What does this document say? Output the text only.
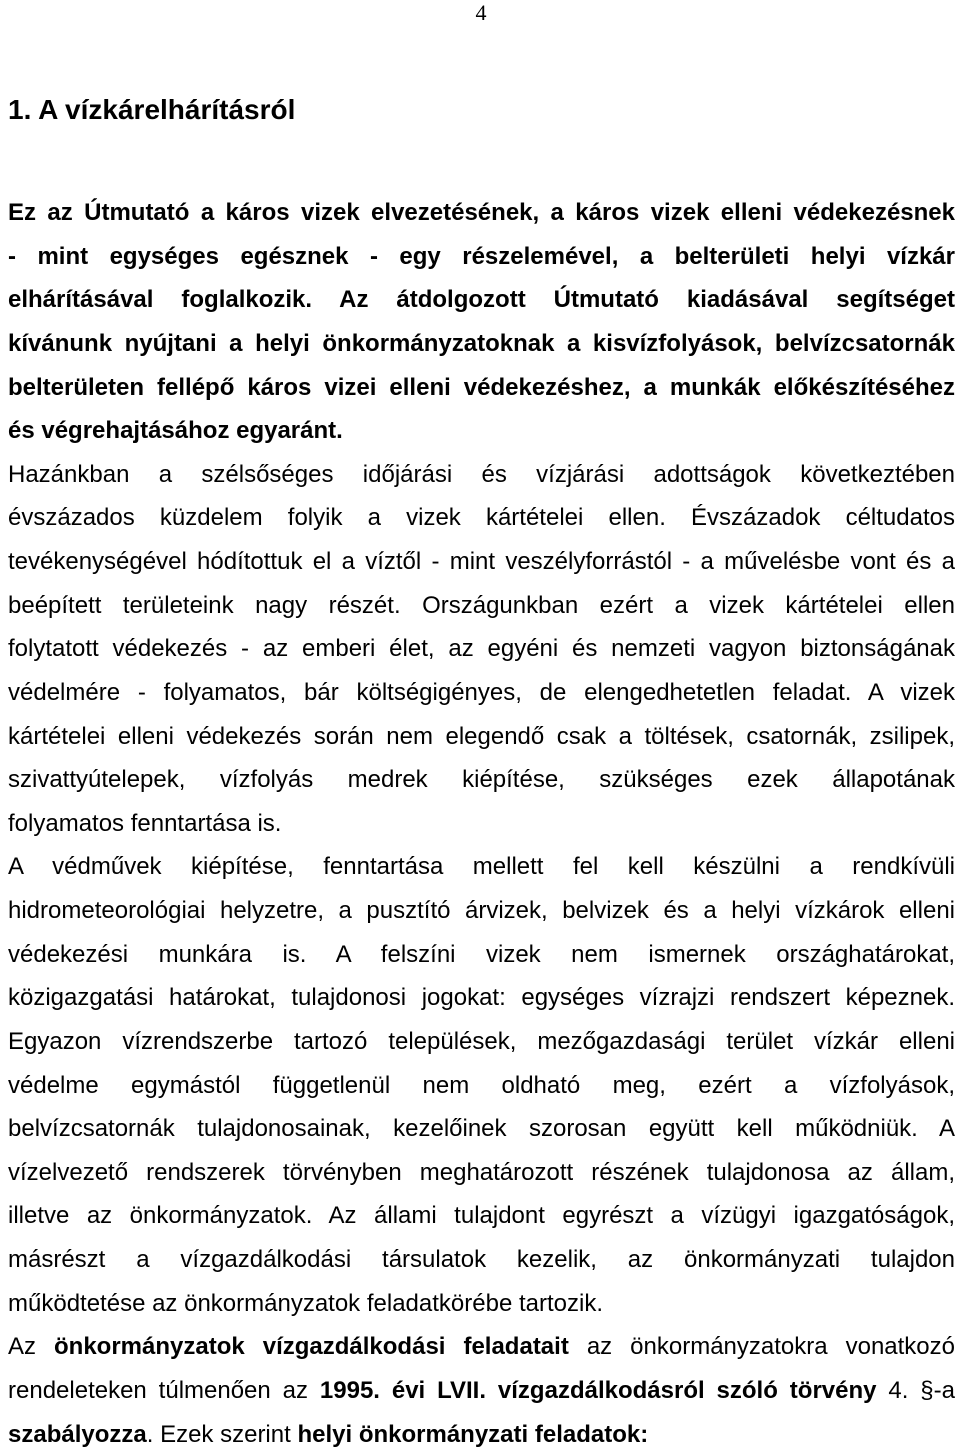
4
1. A vízkárelhárításról
Ez az Útmutató a káros vizek elvezetésének, a káros vizek elleni védekezésnek
- mint egységes egésznek - egy részelemével, a belterületi helyi vízkár
elhárításával foglalkozik. Az átdolgozott Útmutató kiadásával segítséget
kívánunk nyújtani a helyi önkormányzatoknak a kisvízfolyások, belvízcsatornák
belterületen fellépő káros vizei elleni védekezéshez, a munkák előkészítéséhez
és végrehajtásához egyaránt.
Hazánkban a szélsőséges időjárási és vízjárási adottságok következtében
évszázados küzdelem folyik a vizek kártételei ellen. Évszázadok céltudatos
tevékenységével hódítottuk el a víztől - mint veszélyforrástól - a művelésbe vont és a
beépített területeink nagy részét. Országunkban ezért a vizek kártételei ellen
folytatott védekezés - az emberi élet, az egyéni és nemzeti vagyon biztonságának
védelmére - folyamatos, bár költségigényes, de elengedhetetlen feladat. A vizek
kártételei elleni védekezés során nem elegendő csak a töltések, csatornák, zsilipek,
szivattyútelepek, vízfolyás medrek kiépítése, szükséges ezek állapotának
folyamatos fenntartása is.
A védművek kiépítése, fenntartása mellett fel kell készülni a rendkívüli
hidrometeorológiai helyzetre, a pusztító árvizek, belvizek és a helyi vízkárok elleni
védekezési munkára is. A felszíni vizek nem ismernek országhatárokat,
közigazgatási határokat, tulajdonosi jogokat: egységes vízrajzi rendszert képeznek.
Egyazon vízrendszerbe tartozó települések, mezőgazdasági terület vízkár elleni
védelme egymástól függetlenül nem oldható meg, ezért a vízfolyások,
belvízcsatornák tulajdonosainak, kezelőinek szorosan együtt kell működniük. A
vízelvezető rendszerek törvényben meghatározott részének tulajdonosa az állam,
illetve az önkormányzatok. Az állami tulajdont egyrészt a vízügyi igazgatóságok,
másrészt a vízgazdálkodási társulatok kezelik, az önkormányzati tulajdon
működtetése az önkormányzatok feladatkörébe tartozik.
Az önkormányzatok vízgazdálkodási feladatait az önkormányzatokra vonatkozó
rendeleteken túlmenően az 1995. évi LVII. vízgazdálkodásról szóló törvény 4. §-a
szabályozza. Ezek szerint helyi önkormányzati feladatok:
